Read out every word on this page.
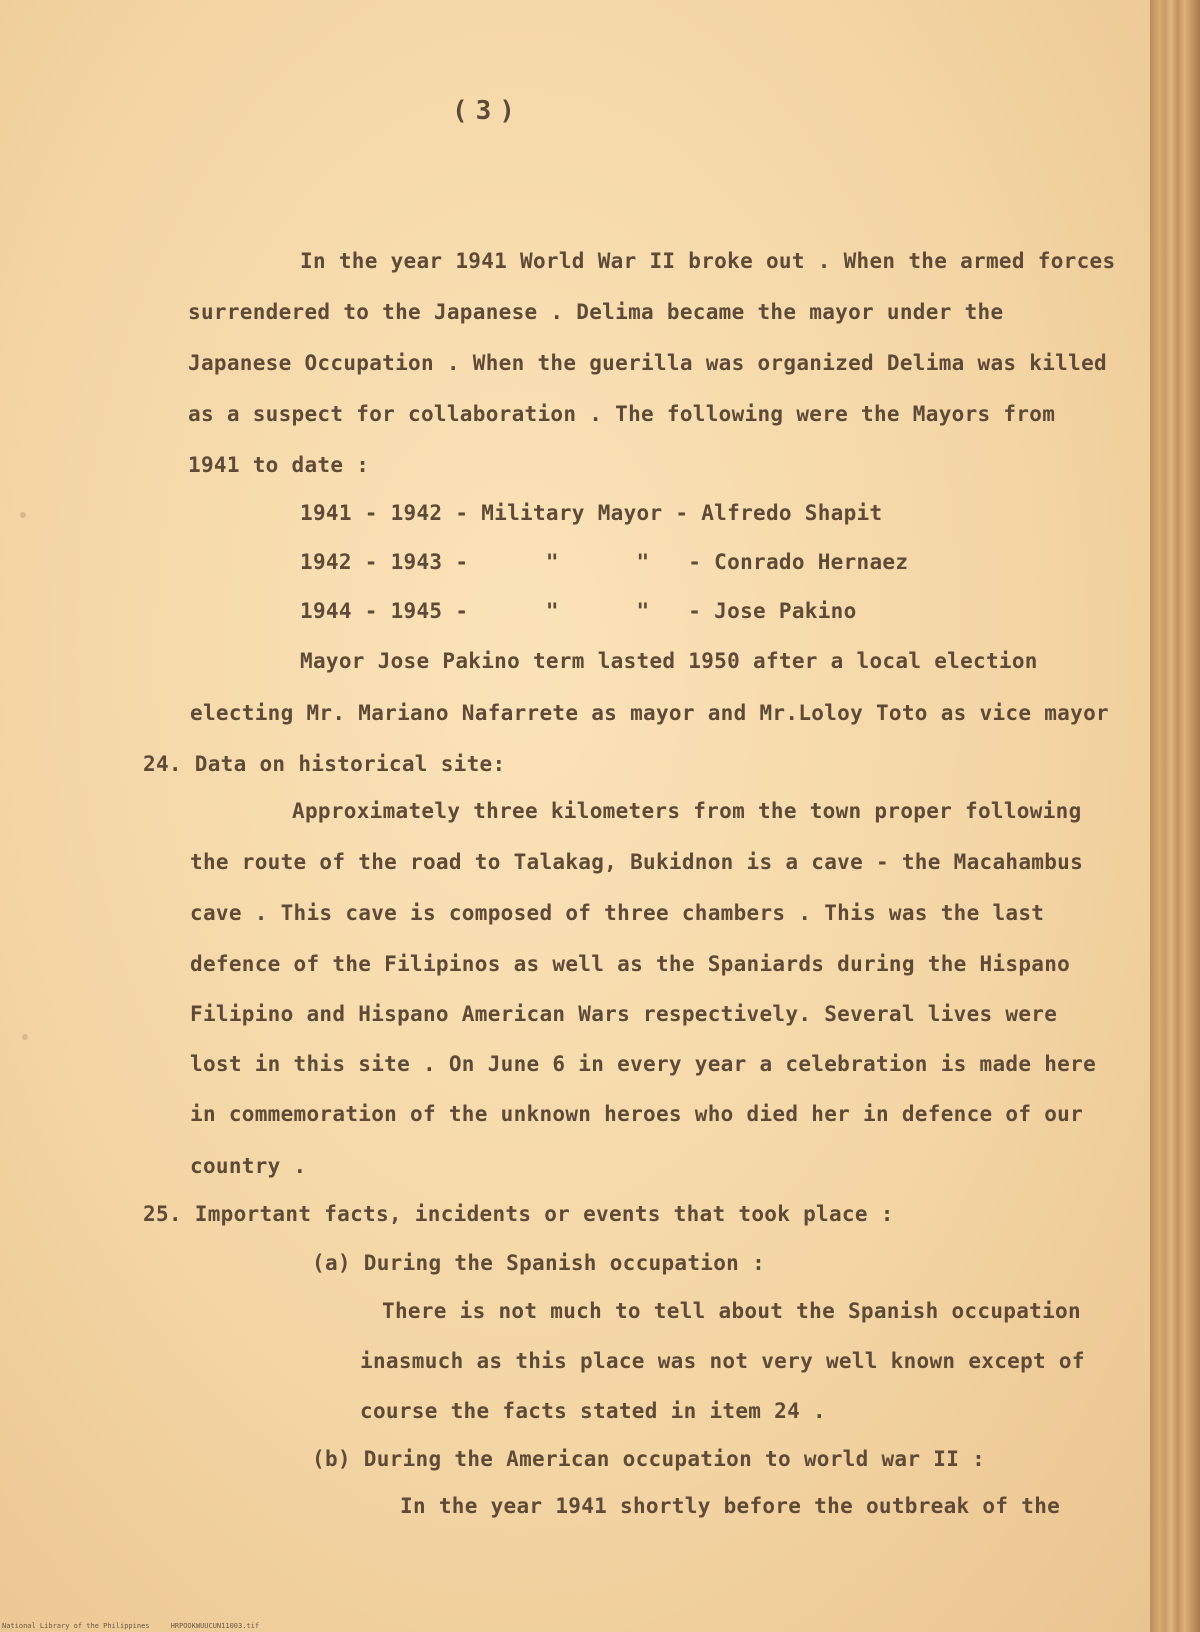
(3)
In the year 1941 World War II broke out . When the armed forces
surrendered to the Japanese . Delima became the mayor under the
Japanese Occupation . When the guerilla was organized Delima was killed
as a suspect for collaboration . The following were the Mayors from
1941 to date :
1941 - 1942 - Military Mayor - Alfredo Shapit
1942 - 1943 -      "      "   - Conrado Hernaez
1944 - 1945 -      "      "   - Jose Pakino
Mayor Jose Pakino term lasted 1950 after a local election
electing Mr. Mariano Nafarrete as mayor and Mr.Loloy Toto as vice mayor
24. Data on historical site:
Approximately three kilometers from the town proper following
the route of the road to Talakag, Bukidnon is a cave - the Macahambus
cave . This cave is composed of three chambers . This was the last
defence of the Filipinos as well as the Spaniards during the Hispano
Filipino and Hispano American Wars respectively. Several lives were
lost in this site . On June 6 in every year a celebration is made here
in commemoration of the unknown heroes who died her in defence of our
country .
25. Important facts, incidents or events that took place :
(a) During the Spanish occupation :
There is not much to tell about the Spanish occupation
inasmuch as this place was not very well known except of
course the facts stated in item 24 .
(b) During the American occupation to world war II :
In the year 1941 shortly before the outbreak of the
National Library of the Philippines     HRPOOKWUUCUN11003.tif
